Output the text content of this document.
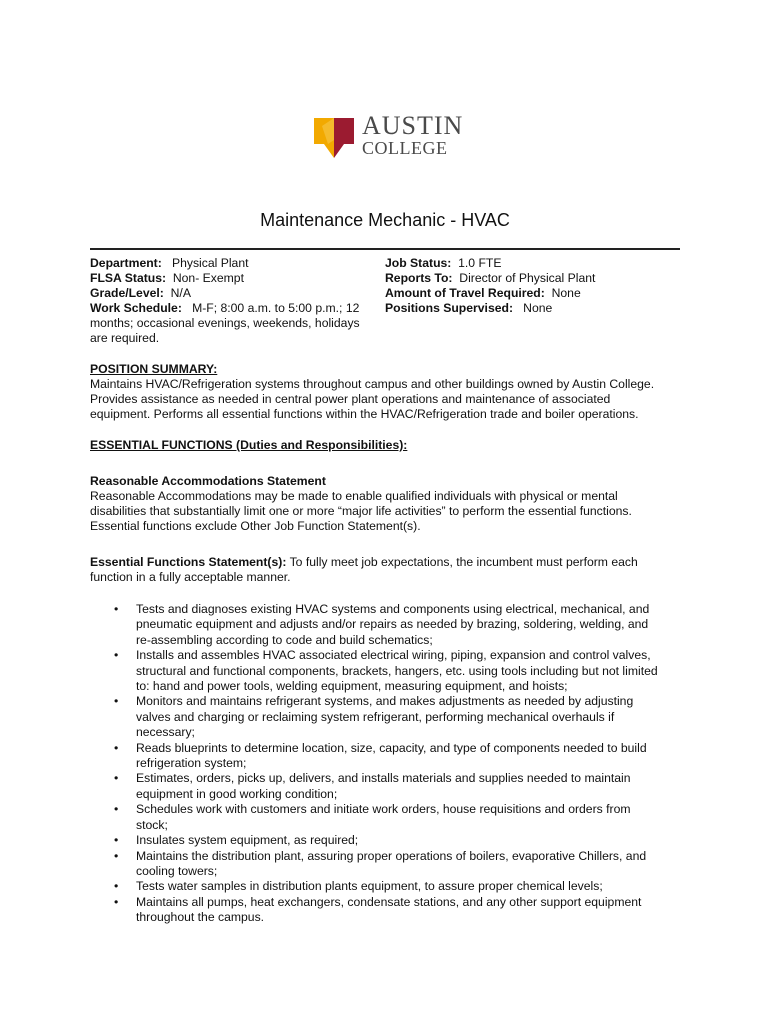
AUSTIN
COLLEGE
Maintenance Mechanic - HVAC
Department: Physical Plant
FLSA Status: Non- Exempt
Grade/Level: N/A
Work Schedule: M-F; 8:00 a.m. to 5:00 p.m.; 12
months; occasional evenings, weekends, holidays
are required.
Job Status: 1.0 FTE
Reports To: Director of Physical Plant
Amount of Travel Required: None
Positions Supervised: None
POSITION SUMMARY:
Maintains HVAC/Refrigeration systems throughout campus and other buildings owned by Austin College.
Provides assistance as needed in central power plant operations and maintenance of associated
equipment. Performs all essential functions within the HVAC/Refrigeration trade and boiler operations.
ESSENTIAL FUNCTIONS (Duties and Responsibilities):
Reasonable Accommodations Statement
Reasonable Accommodations may be made to enable qualified individuals with physical or mental
disabilities that substantially limit one or more “major life activities” to perform the essential functions.
Essential functions exclude Other Job Function Statement(s).
Essential Functions Statement(s): To fully meet job expectations, the incumbent must perform each
function in a fully acceptable manner.
• Tests and diagnoses existing HVAC systems and components using electrical, mechanical, and
pneumatic equipment and adjusts and/or repairs as needed by brazing, soldering, welding, and
re-assembling according to code and build schematics;
• Installs and assembles HVAC associated electrical wiring, piping, expansion and control valves,
structural and functional components, brackets, hangers, etc. using tools including but not limited
to: hand and power tools, welding equipment, measuring equipment, and hoists;
• Monitors and maintains refrigerant systems, and makes adjustments as needed by adjusting
valves and charging or reclaiming system refrigerant, performing mechanical overhauls if
necessary;
• Reads blueprints to determine location, size, capacity, and type of components needed to build
refrigeration system;
• Estimates, orders, picks up, delivers, and installs materials and supplies needed to maintain
equipment in good working condition;
• Schedules work with customers and initiate work orders, house requisitions and orders from
stock;
• Insulates system equipment, as required;
• Maintains the distribution plant, assuring proper operations of boilers, evaporative Chillers, and
cooling towers;
• Tests water samples in distribution plants equipment, to assure proper chemical levels;
• Maintains all pumps, heat exchangers, condensate stations, and any other support equipment
throughout the campus.
